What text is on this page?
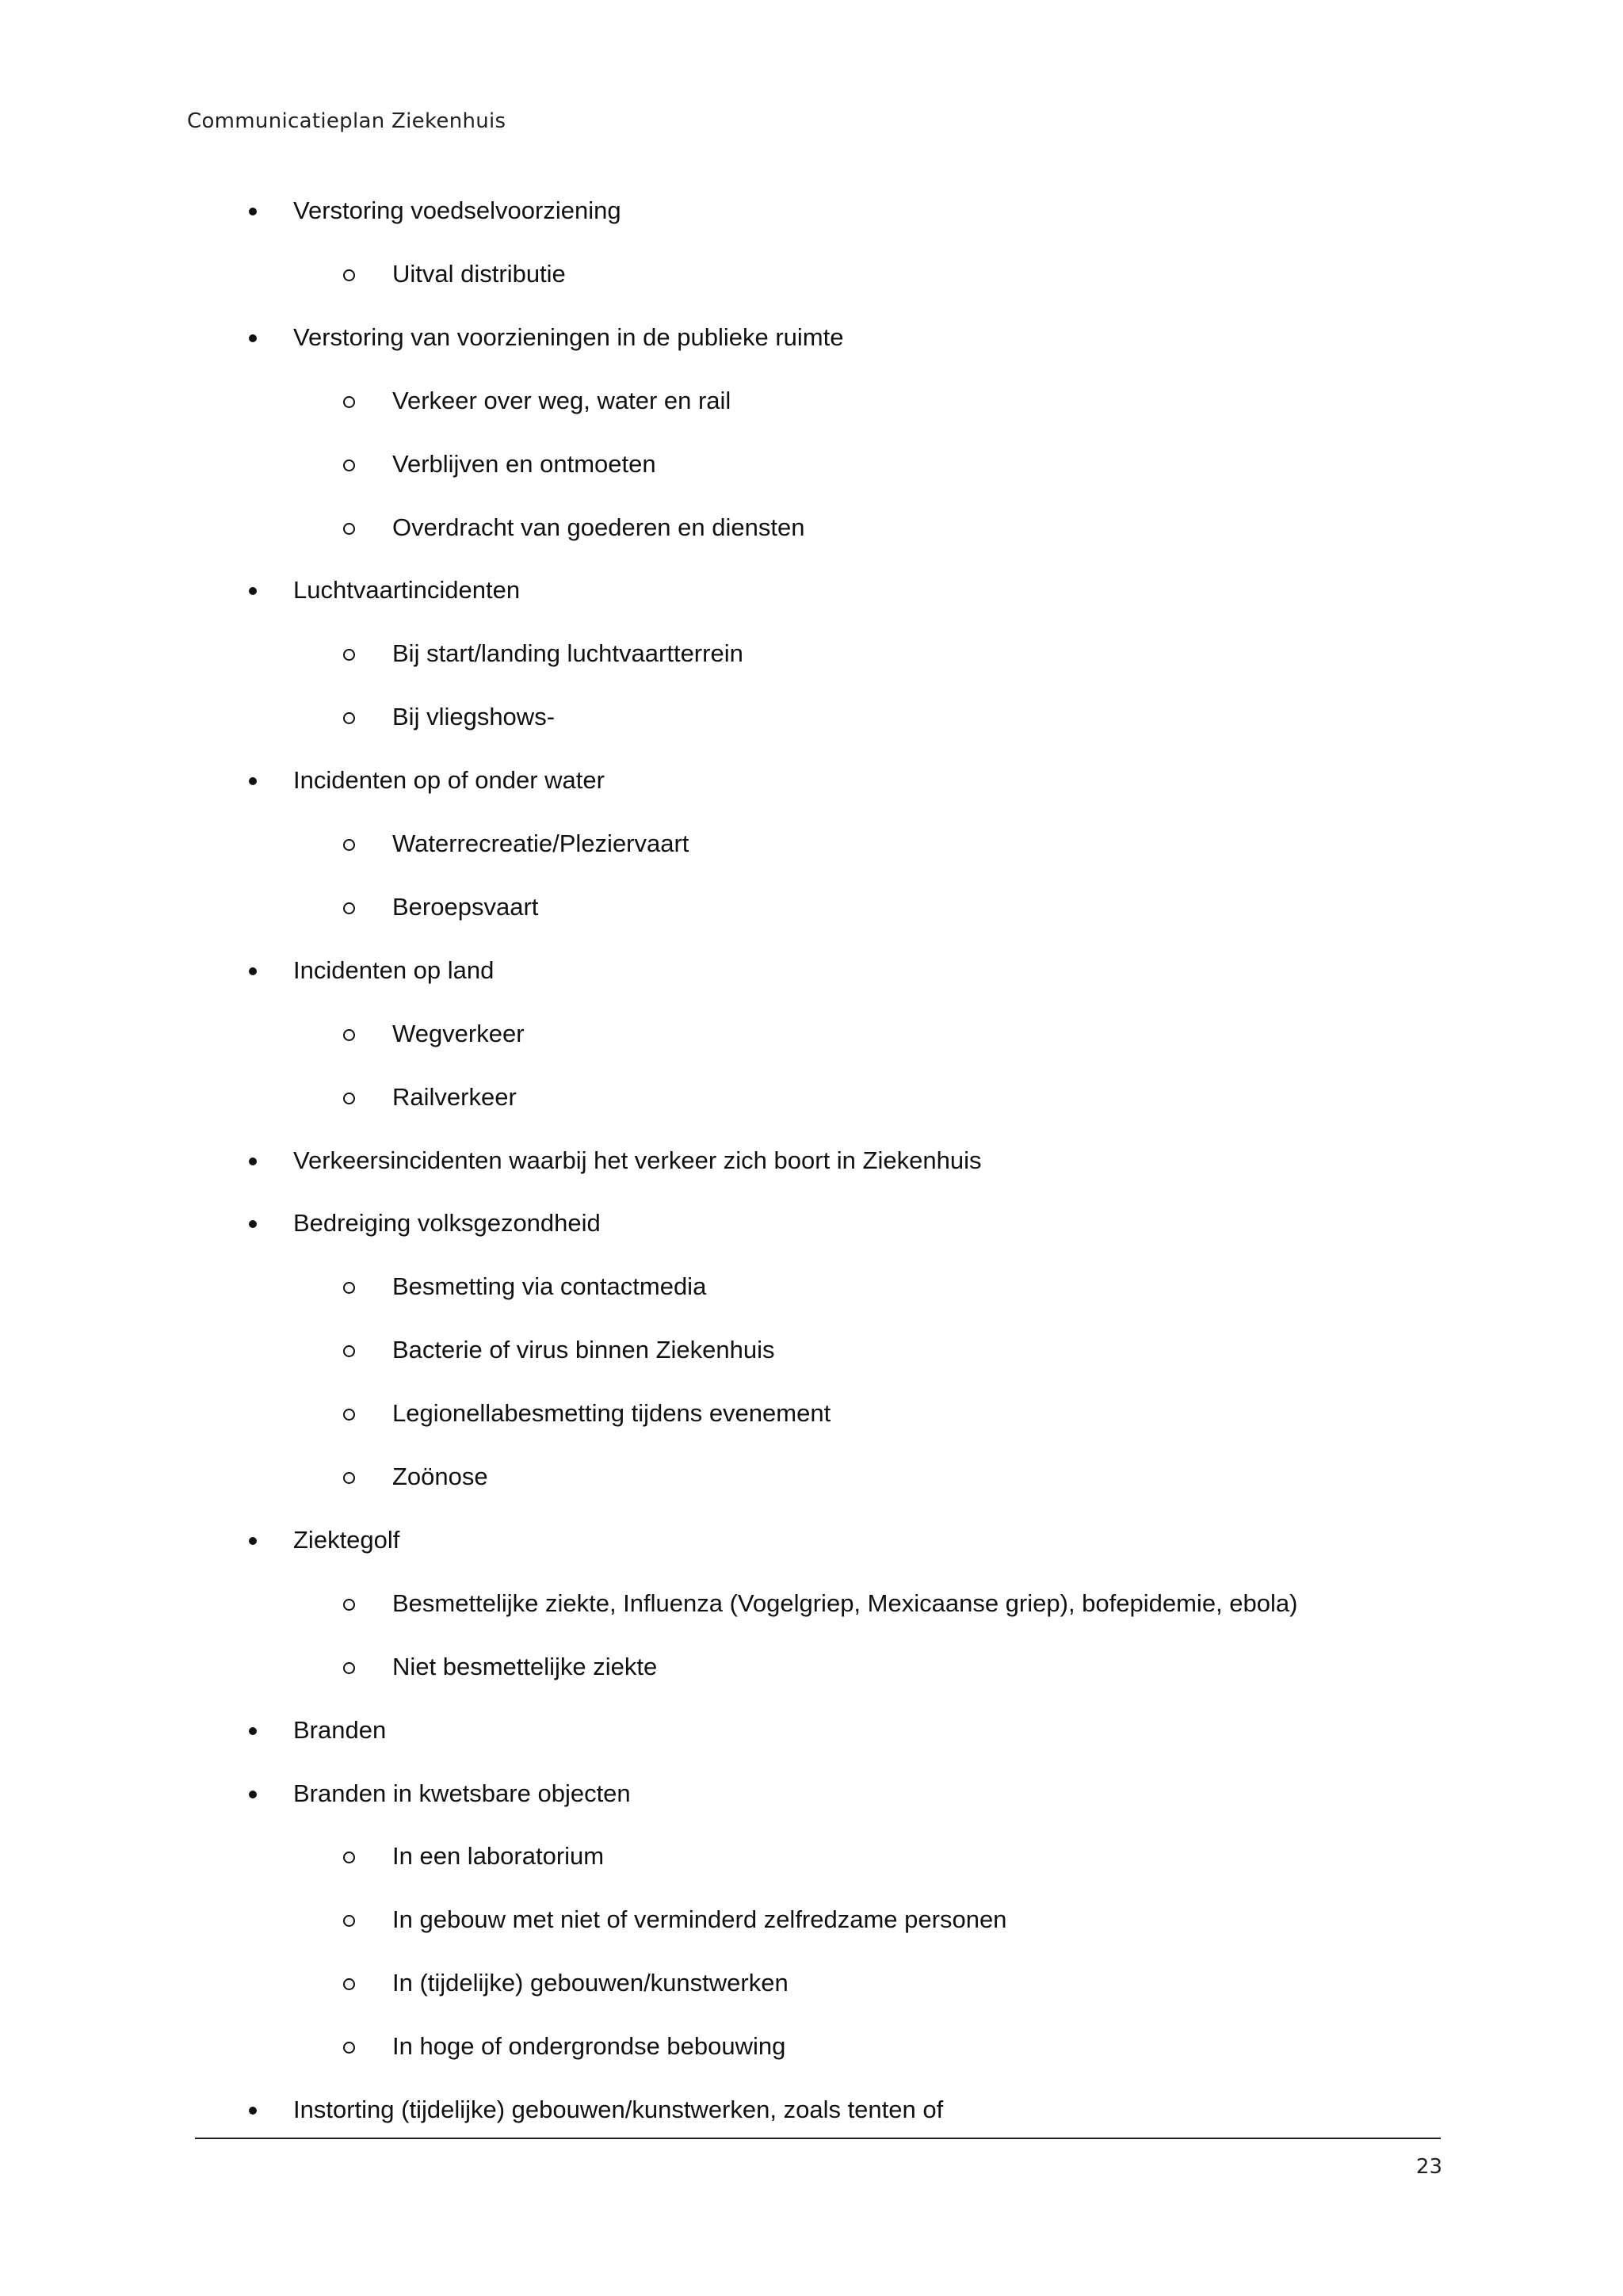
Communicatieplan Ziekenhuis
Verstoring voedselvoorziening
Uitval distributie
Verstoring van voorzieningen in de publieke ruimte
Verkeer over weg, water en rail
Verblijven en ontmoeten
Overdracht van goederen en diensten
Luchtvaartincidenten
Bij start/landing luchtvaartterrein
Bij vliegshows-
Incidenten op of onder water
Waterrecreatie/Pleziervaart
Beroepsvaart
Incidenten op land
Wegverkeer
Railverkeer
Verkeersincidenten waarbij het verkeer zich boort in Ziekenhuis
Bedreiging volksgezondheid
Besmetting via contactmedia
Bacterie of virus binnen Ziekenhuis
Legionellabesmetting tijdens evenement
Zoönose
Ziektegolf
Besmettelijke ziekte, Influenza (Vogelgriep, Mexicaanse griep), bofepidemie, ebola)
Niet besmettelijke ziekte
Branden
Branden in kwetsbare objecten
In een laboratorium
In gebouw met niet of verminderd zelfredzame personen
In (tijdelijke) gebouwen/kunstwerken
In hoge of ondergrondse bebouwing
Instorting (tijdelijke) gebouwen/kunstwerken, zoals tenten of
23
